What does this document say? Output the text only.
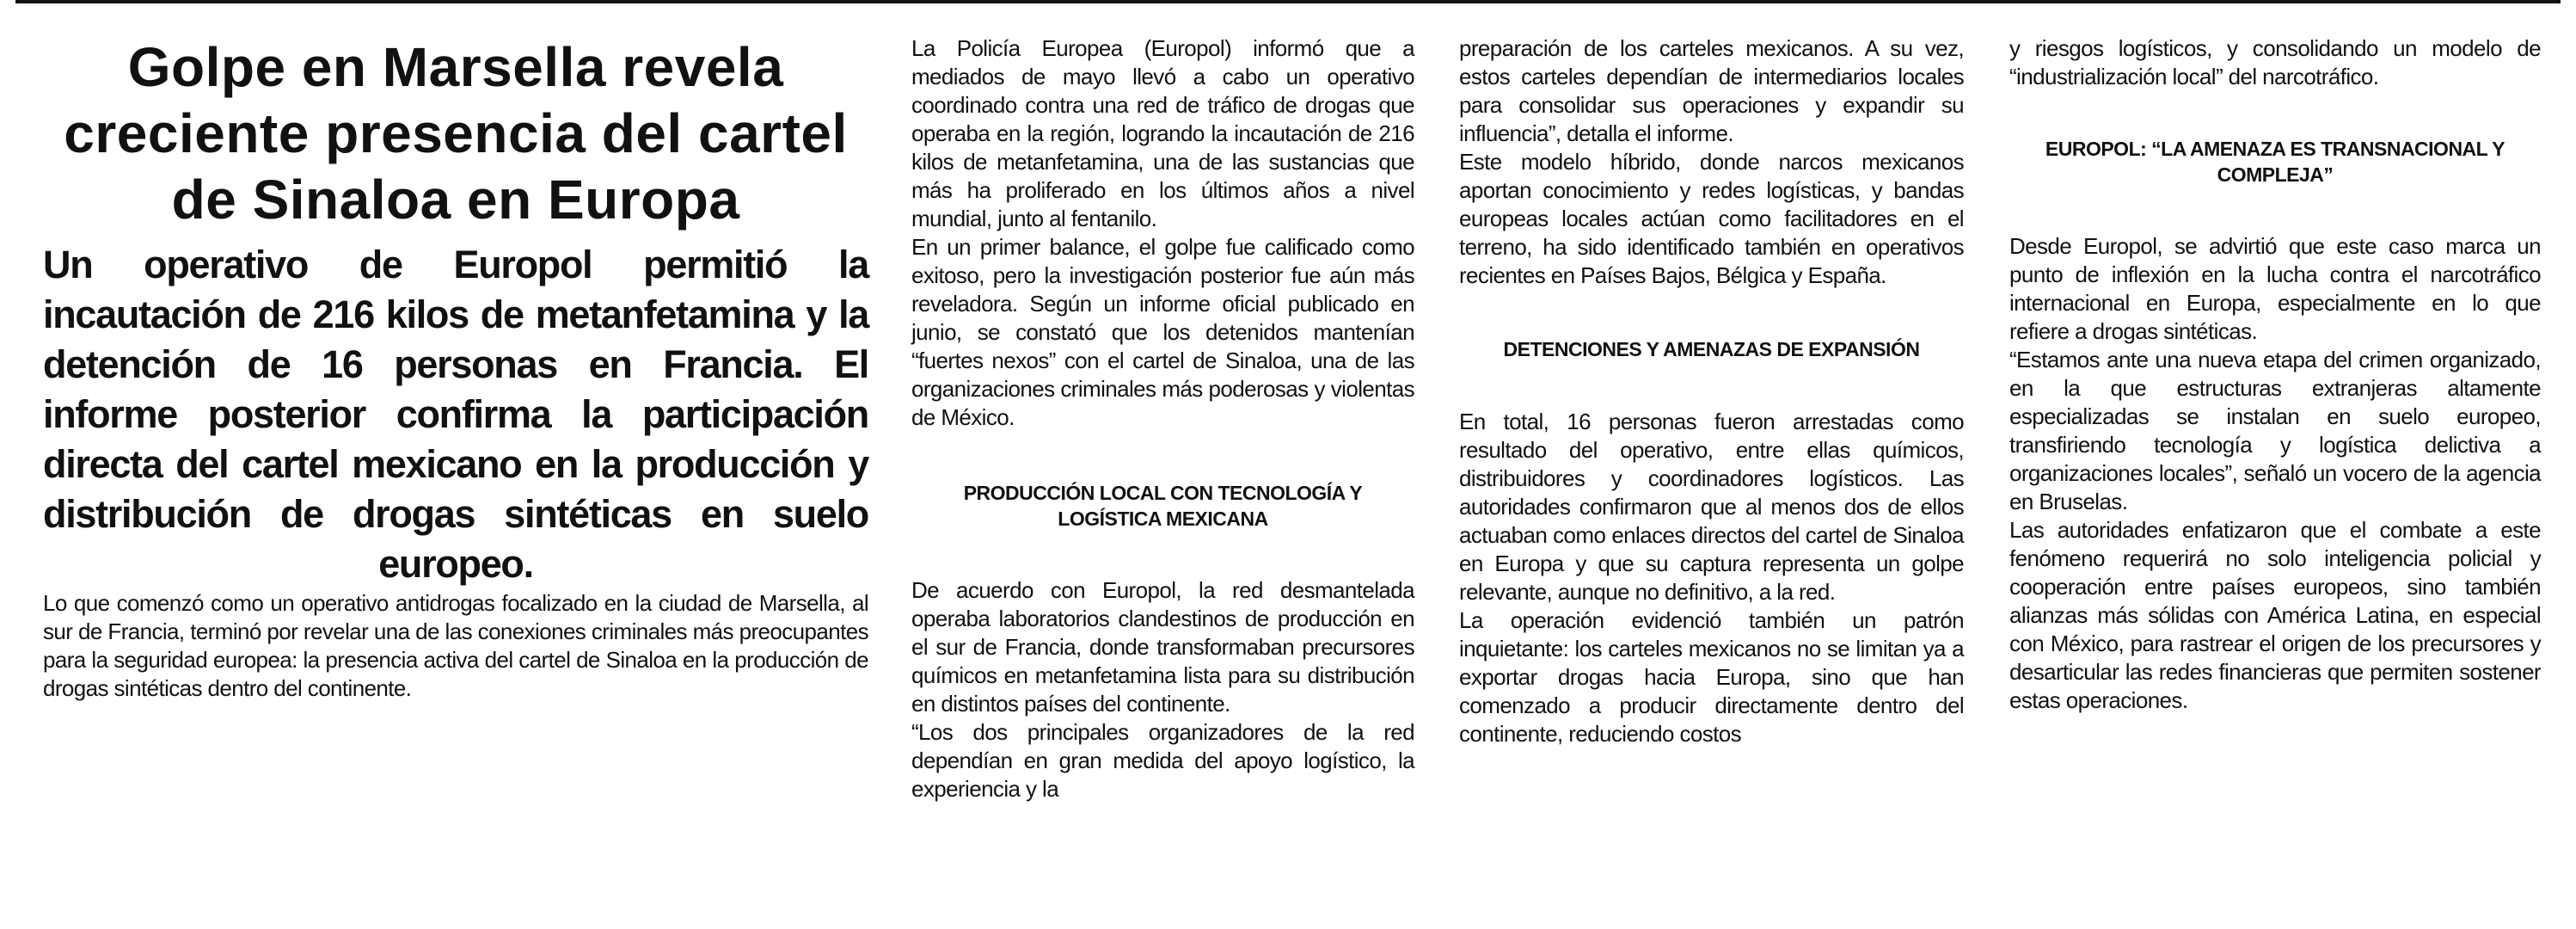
Golpe en Marsella revela creciente presencia del cartel de Sinaloa en Europa
Un operativo de Europol permitió la incautación de 216 kilos de metanfetamina y la detención de 16 personas en Francia. El informe posterior confirma la participación directa del cartel mexicano en la producción y distribución de drogas sintéticas en suelo europeo.

Lo que comenzó como un operativo antidrogas focalizado en la ciudad de Marsella, al sur de Francia, terminó por revelar una de las conexiones criminales más preocupantes para la seguridad europea: la presencia activa del cartel de Sinaloa en la producción de drogas sintéticas dentro del continente.

La Policía Europea (Europol) informó que a mediados de mayo llevó a cabo un operativo coordinado contra una red de tráfico de drogas que operaba en la región, logrando la incautación de 216 kilos de metanfetamina, una de las sustancias que más ha proliferado en los últimos años a nivel mundial, junto al fentanilo.

En un primer balance, el golpe fue calificado como exitoso, pero la investigación posterior fue aún más reveladora. Según un informe oficial publicado en junio, se constató que los detenidos mantenían “fuertes nexos” con el cartel de Sinaloa, una de las organizaciones criminales más poderosas y violentas de México.

PRODUCCIÓN LOCAL CON TECNOLOGÍA Y LOGÍSTICA MEXICANA

De acuerdo con Europol, la red desmantelada operaba laboratorios clandestinos de producción en el sur de Francia, donde transformaban precursores químicos en metanfetamina lista para su distribución en distintos países del continente.

“Los dos principales organizadores de la red dependían en gran medida del apoyo logístico, la experiencia y la

preparación de los carteles mexicanos. A su vez, estos carteles dependían de intermediarios locales para consolidar sus operaciones y expandir su influencia”, detalla el informe.

Este modelo híbrido, donde narcos mexicanos aportan conocimiento y redes logísticas, y bandas europeas locales actúan como facilitadores en el terreno, ha sido identificado también en operativos recientes en Países Bajos, Bélgica y España.

DETENCIONES Y AMENAZAS DE EXPANSIÓN

En total, 16 personas fueron arrestadas como resultado del operativo, entre ellas químicos, distribuidores y coordinadores logísticos. Las autoridades confirmaron que al menos dos de ellos actuaban como enlaces directos del cartel de Sinaloa en Europa y que su captura representa un golpe relevante, aunque no definitivo, a la red.

La operación evidenció también un patrón inquietante: los carteles mexicanos no se limitan ya a exportar drogas hacia Europa, sino que han comenzado a producir directamente dentro del continente, reduciendo costos

y riesgos logísticos, y consolidando un modelo de “industrialización local” del narcotráfico.

EUROPOL: “LA AMENAZA ES TRANSNACIONAL Y COMPLEJA”

Desde Europol, se advirtió que este caso marca un punto de inflexión en la lucha contra el narcotráfico internacional en Europa, especialmente en lo que refiere a drogas sintéticas.

“Estamos ante una nueva etapa del crimen organizado, en la que estructuras extranjeras altamente especializadas se instalan en suelo europeo, transfiriendo tecnología y logística delictiva a organizaciones locales”, señaló un vocero de la agencia en Bruselas.

Las autoridades enfatizaron que el combate a este fenómeno requerirá no solo inteligencia policial y cooperación entre países europeos, sino también alianzas más sólidas con América Latina, en especial con México, para rastrear el origen de los precursores y desarticular las redes financieras que permiten sostener estas operaciones.
